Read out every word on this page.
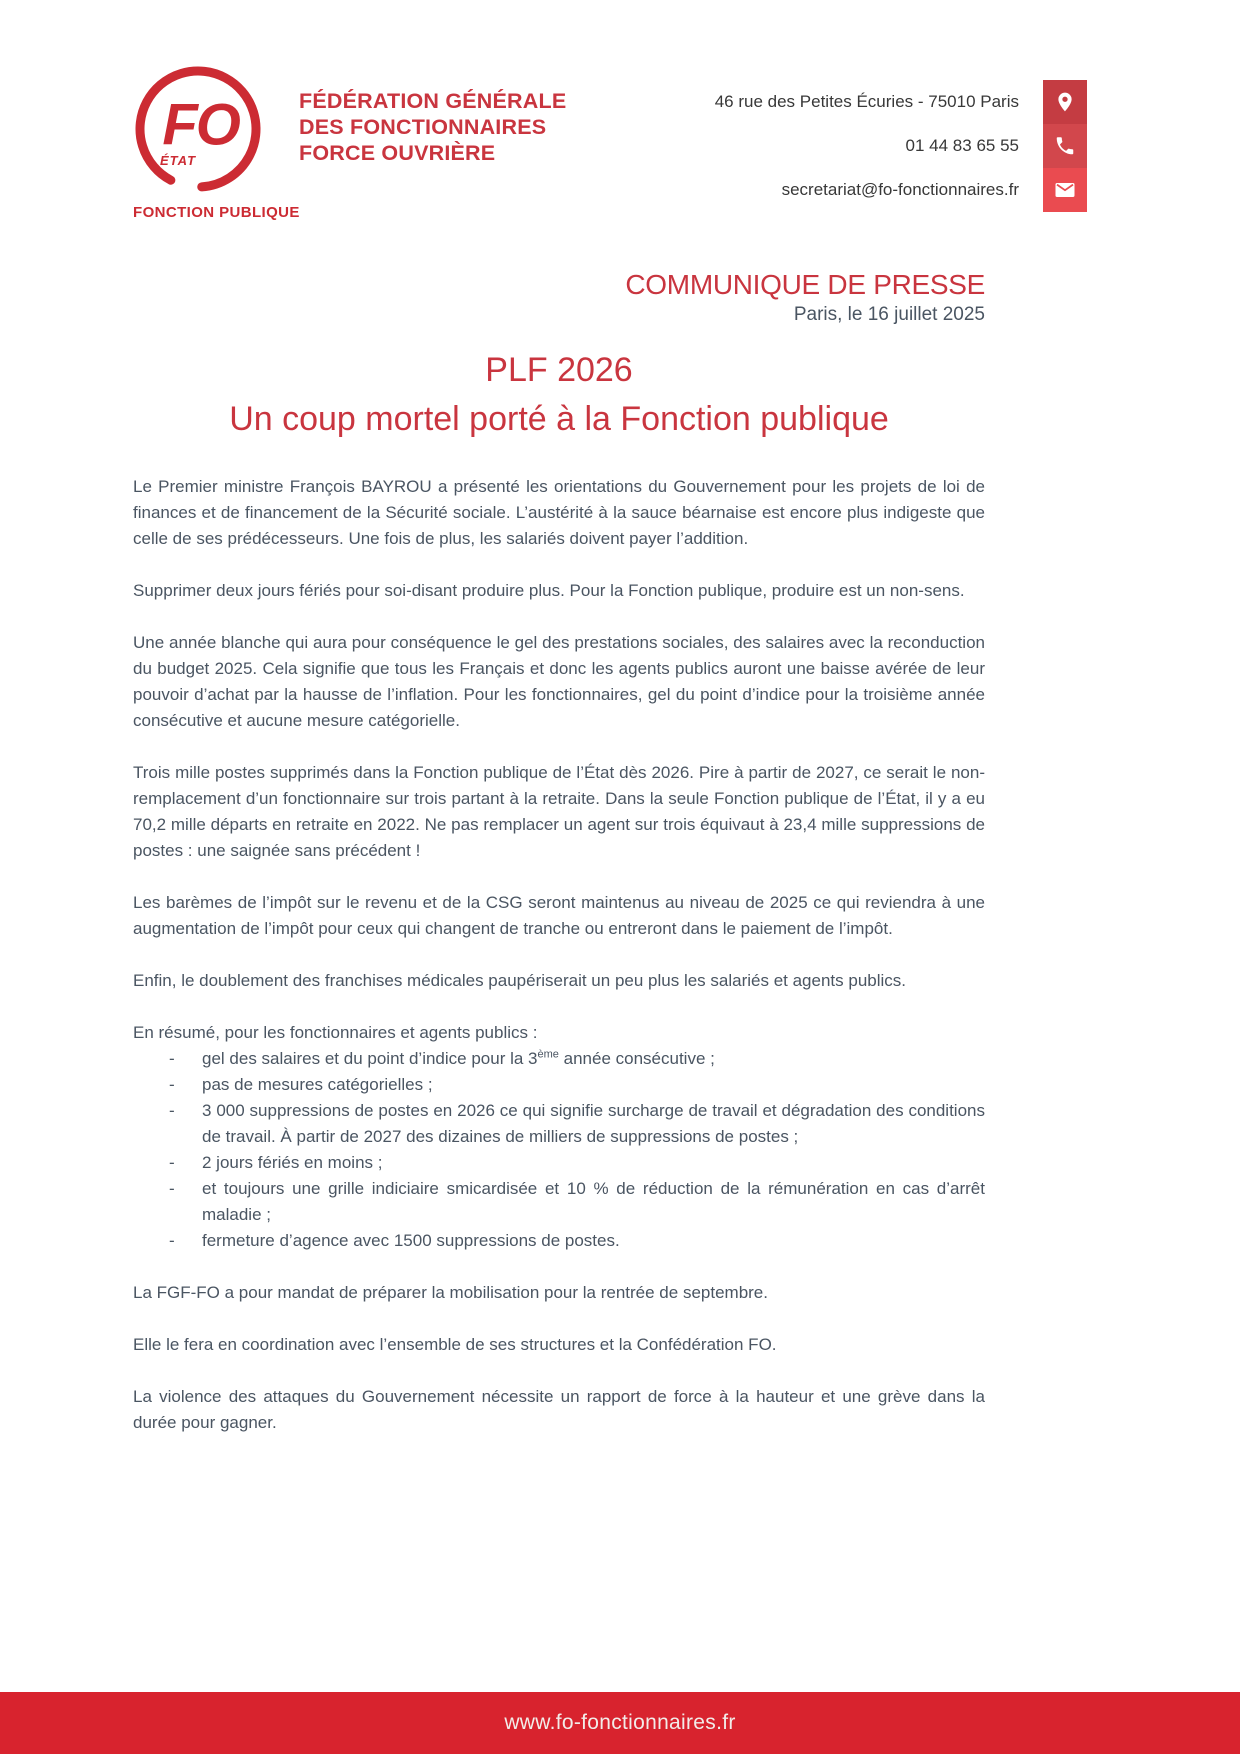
FO
ÉTAT
FONCTION PUBLIQUE
FÉDÉRATION GÉNÉRALE
DES FONCTIONNAIRES
FORCE OUVRIÈRE
46 rue des Petites Écuries - 75010 Paris
01 44 83 65 55
secretariat@fo-fonctionnaires.fr
COMMUNIQUE DE PRESSE
Paris, le 16 juillet 2025
PLF 2026
Un coup mortel porté à la Fonction publique

Le Premier ministre François BAYROU a présenté les orientations du Gouvernement pour les projets de loi de finances et de financement de la Sécurité sociale. L’austérité à la sauce béarnaise est encore plus indigeste que celle de ses prédécesseurs. Une fois de plus, les salariés doivent payer l’addition.

Supprimer deux jours fériés pour soi-disant produire plus. Pour la Fonction publique, produire est un non-sens.

Une année blanche qui aura pour conséquence le gel des prestations sociales, des salaires avec la reconduction du budget 2025. Cela signifie que tous les Français et donc les agents publics auront une baisse avérée de leur pouvoir d’achat par la hausse de l’inflation. Pour les fonctionnaires, gel du point d’indice pour la troisième année consécutive et aucune mesure catégorielle.

Trois mille postes supprimés dans la Fonction publique de l’État dès 2026. Pire à partir de 2027, ce serait le non-remplacement d’un fonctionnaire sur trois partant à la retraite. Dans la seule Fonction publique de l’État, il y a eu 70,2 mille départs en retraite en 2022. Ne pas remplacer un agent sur trois équivaut à 23,4 mille suppressions de postes : une saignée sans précédent !

Les barèmes de l’impôt sur le revenu et de la CSG seront maintenus au niveau de 2025 ce qui reviendra à une augmentation de l’impôt pour ceux qui changent de tranche ou entreront dans le paiement de l’impôt.

Enfin, le doublement des franchises médicales paupériserait un peu plus les salariés et agents publics.

En résumé, pour les fonctionnaires et agents publics :
-	gel des salaires et du point d’indice pour la 3ème année consécutive ;
-	pas de mesures catégorielles ;
-	3 000 suppressions de postes en 2026 ce qui signifie surcharge de travail et dégradation des conditions de travail. À partir de 2027 des dizaines de milliers de suppressions de postes ;
-	2 jours fériés en moins ;
-	et toujours une grille indiciaire smicardisée et 10 % de réduction de la rémunération en cas d’arrêt maladie ;
-	fermeture d’agence avec 1500 suppressions de postes.

La FGF-FO a pour mandat de préparer la mobilisation pour la rentrée de septembre.

Elle le fera en coordination avec l’ensemble de ses structures et la Confédération FO.

La violence des attaques du Gouvernement nécessite un rapport de force à la hauteur et une grève dans la durée pour gagner.

www.fo-fonctionnaires.fr
